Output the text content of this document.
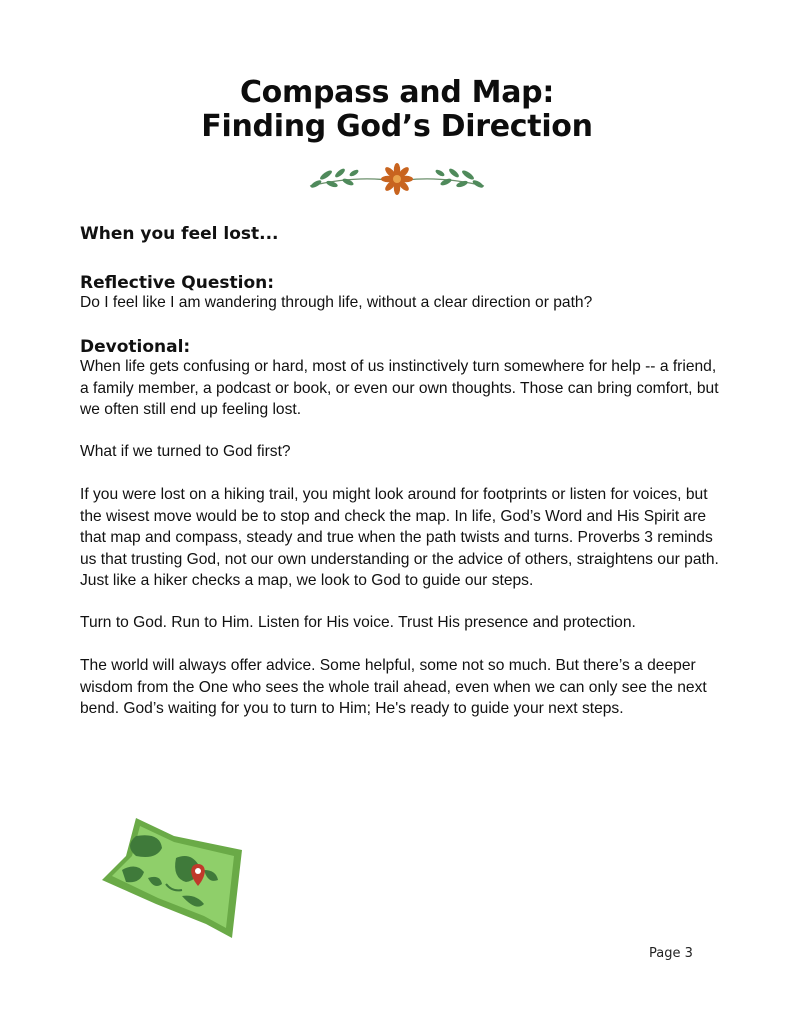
Compass and Map:
Finding God’s Direction
When you feel lost...
Reflective Question:
Do I feel like I am wandering through life, without a clear direction or path?
Devotional:
When life gets confusing or hard, most of us instinctively turn somewhere for help -- a friend, a family member, a podcast or book, or even our own thoughts. Those can bring comfort, but we often still end up feeling lost.
What if we turned to God first?
If you were lost on a hiking trail, you might look around for footprints or listen for voices, but the wisest move would be to stop and check the map. In life, God’s Word and His Spirit are that map and compass, steady and true when the path twists and turns. Proverbs 3 reminds us that trusting God, not our own understanding or the advice of others, straightens our path. Just like a hiker checks a map, we look to God to guide our steps.
Turn to God. Run to Him. Listen for His voice. Trust His presence and protection.
The world will always offer advice. Some helpful, some not so much. But there’s a deeper wisdom from the One who sees the whole trail ahead, even when we can only see the next bend. God’s waiting for you to turn to Him; He's ready to guide your next steps.
Page 3
